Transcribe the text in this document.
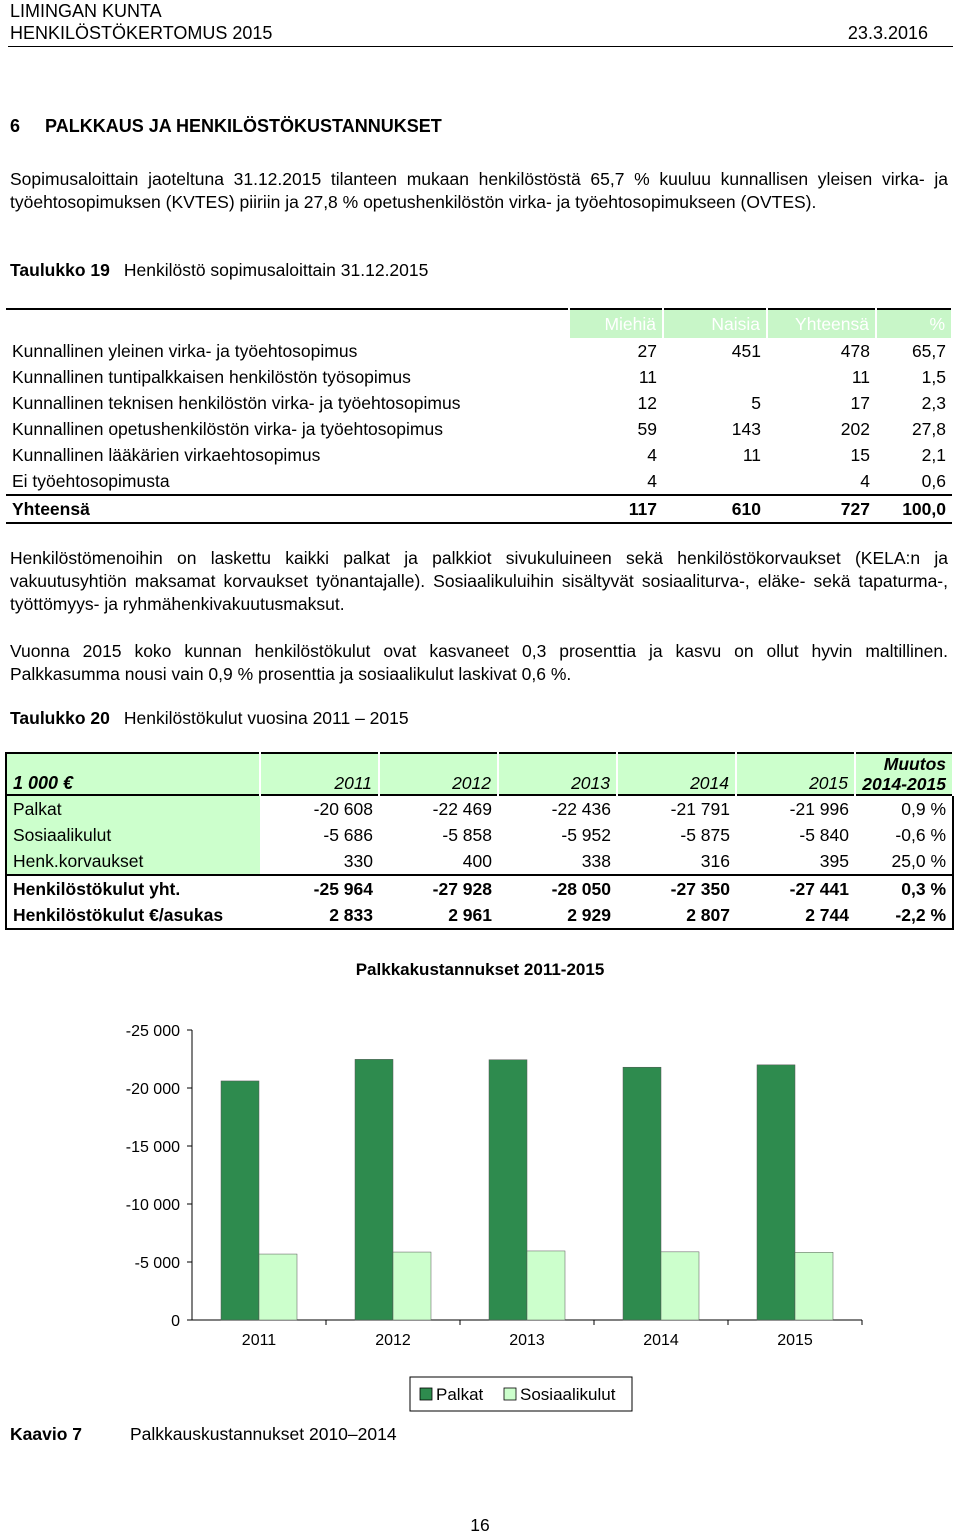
LIMINGAN KUNTA
HENKILÖSTÖKERTOMUS 2015	23.3.2016
6 PALKKAUS JA HENKILÖSTÖKUSTANNUKSET
Sopimusaloittain jaoteltuna 31.12.2015 tilanteen mukaan henkilöstöstä 65,7 % kuuluu kunnallisen yleisen virka- ja työehtosopimuksen (KVTES) piiriin ja 27,8 % opetushenkilöstön virka- ja työehtosopimukseen (OVTES).
Taulukko 19 Henkilöstö sopimusaloittain 31.12.2015
	Miehiä	Naisia	Yhteensä	%
Kunnallinen yleinen virka- ja työehtosopimus	27	451	478	65,7
Kunnallinen tuntipalkkaisen henkilöstön työsopimus	11		11	1,5
Kunnallinen teknisen henkilöstön virka- ja työehtosopimus	12	5	17	2,3
Kunnallinen opetushenkilöstön virka- ja työehtosopimus	59	143	202	27,8
Kunnallinen lääkärien virkaehtosopimus	4	11	15	2,1
Ei työehtosopimusta	4		4	0,6
Yhteensä	117	610	727	100,0
Henkilöstömenoihin on laskettu kaikki palkat ja palkkiot sivukuluineen sekä henkilöstökorvaukset (KELA:n ja vakuutusyhtiön maksamat korvaukset työnantajalle). Sosiaalikuluihin sisältyvät sosiaaliturva-, eläke- sekä tapaturma-, työttömyys- ja ryhmähenkivakuutusmaksut.
Vuonna 2015 koko kunnan henkilöstökulut ovat kasvaneet 0,3 prosenttia ja kasvu on ollut hyvin maltillinen. Palkkasumma nousi vain 0,9 % prosenttia ja sosiaalikulut laskivat 0,6 %.
Taulukko 20 Henkilöstökulut vuosina 2011 – 2015
1 000 €	2011	2012	2013	2014	2015	Muutos
2014-2015

Palkat	-20 608	-22 469	-22 436	-21 791	-21 996	0,9 %
Sosiaalikulut	-5 686	-5 858	-5 952	-5 875	-5 840	-0,6 %
Henk.korvaukset	330	400	338	316	395	25,0 %
Henkilöstökulut yht.	-25 964	-27 928	-28 050	-27 350	-27 441	0,3 %
Henkilöstökulut €/asukas	2 833	2 961	2 929	2 807	2 744	-2,2 %
Palkkakustannukset 2011-2015
0
-5 000
-10 000
-15 000
-20 000
-25 000
2011	2012	2013	2014	2015
Palkat Sosiaalikulut
Kaavio 7	Palkkauskustannukset 2010–2014
16
